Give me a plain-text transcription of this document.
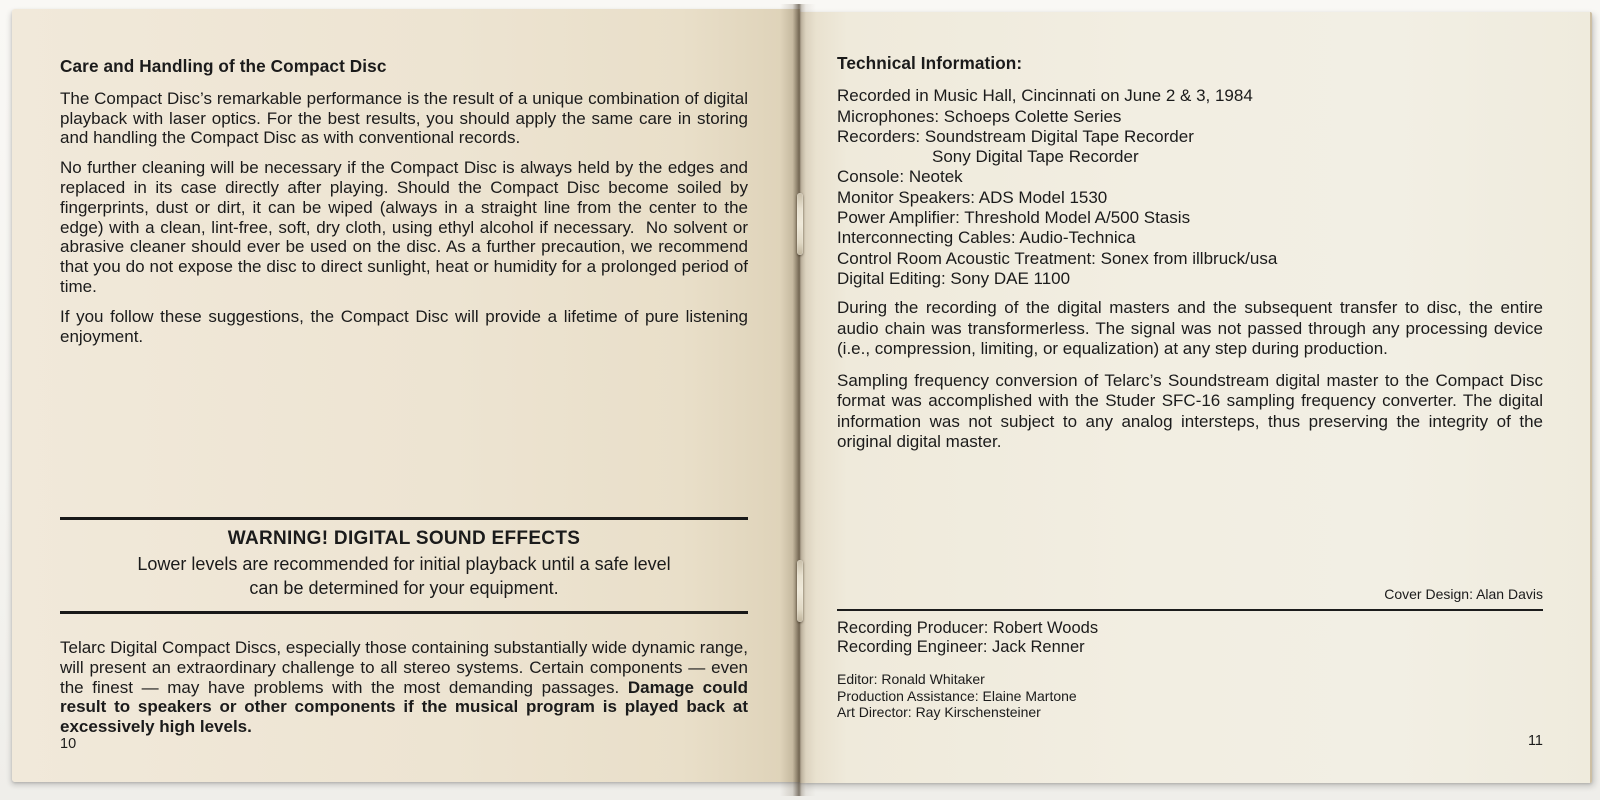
Care and Handling of the Compact Disc

The Compact Disc’s remarkable performance is the result of a unique combination of digital playback with laser optics. For the best results, you should apply the same care in storing and handling the Compact Disc as with conventional records.

No further cleaning will be necessary if the Compact Disc is always held by the edges and replaced in its case directly after playing. Should the Compact Disc become soiled by fingerprints, dust or dirt, it can be wiped (always in a straight line from the center to the edge) with a clean, lint-free, soft, dry cloth, using ethyl alcohol if necessary.  No solvent or abrasive cleaner should ever be used on the disc. As a further precaution, we recommend that you do not expose the disc to direct sunlight, heat or humidity for a prolonged period of time.

If you follow these suggestions, the Compact Disc will provide a lifetime of pure listening enjoyment.

WARNING! DIGITAL SOUND EFFECTS
Lower levels are recommended for initial playback until a safe level
can be determined for your equipment.

Telarc Digital Compact Discs, especially those containing substantially wide dynamic range, will present an extraordinary challenge to all stereo systems. Certain components — even the finest — may have problems with the most demanding passages. Damage could result to speakers or other components if the musical program is played back at excessively high levels.

10
Technical Information:
Recorded in Music Hall, Cincinnati on June 2 & 3, 1984
Microphones: Schoeps Colette Series
Recorders: Soundstream Digital Tape Recorder
Sony Digital Tape Recorder
Console: Neotek
Monitor Speakers: ADS Model 1530
Power Amplifier: Threshold Model A/500 Stasis
Interconnecting Cables: Audio-Technica
Control Room Acoustic Treatment: Sonex from illbruck/usa
Digital Editing: Sony DAE 1100

During the recording of the digital masters and the subsequent transfer to disc, the entire audio chain was transformerless. The signal was not passed through any processing device (i.e., compression, limiting, or equalization) at any step during production.

Sampling frequency conversion of Telarc’s Soundstream digital master to the Compact Disc format was accomplished with the Studer SFC-16 sampling frequency converter. The digital information was not subject to any analog intersteps, thus preserving the integrity of the original digital master.

Cover Design: Alan Davis
Recording Producer: Robert Woods
Recording Engineer: Jack Renner
Editor: Ronald Whitaker
Production Assistance: Elaine Martone
Art Director: Ray Kirschensteiner
11
